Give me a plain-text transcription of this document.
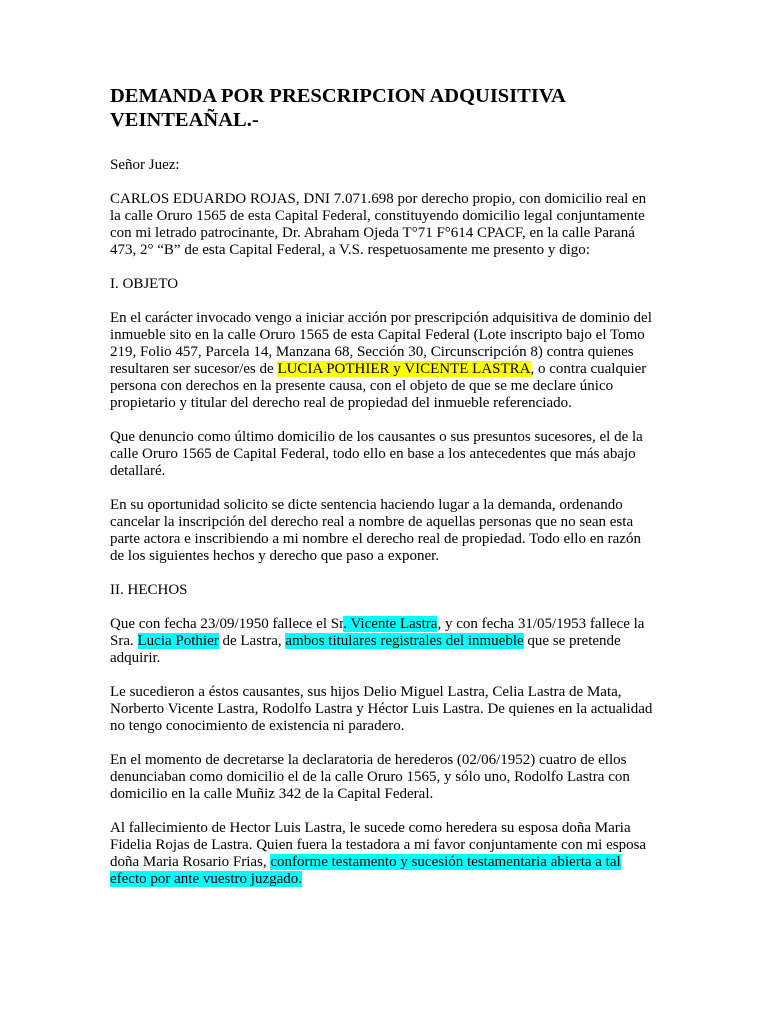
DEMANDA POR PRESCRIPCION ADQUISITIVA
VEINTEAÑAL.-

Señor Juez:

CARLOS EDUARDO ROJAS, DNI 7.071.698 por derecho propio, con domicilio real en la calle Oruro 1565 de esta Capital Federal, constituyendo domicilio legal conjuntamente con mi letrado patrocinante, Dr. Abraham Ojeda T°71 F°614 CPACF, en la calle Paraná 473, 2° “B” de esta Capital Federal, a V.S. respetuosamente me presento y digo:

I. OBJETO

En el carácter invocado vengo a iniciar acción por prescripción adquisitiva de dominio del inmueble sito en la calle Oruro 1565 de esta Capital Federal (Lote inscripto bajo el Tomo 219, Folio 457, Parcela 14, Manzana 68, Sección 30, Circunscripción 8) contra quienes resultaren ser sucesor/es de LUCIA POTHIER y VICENTE LASTRA, o contra cualquier persona con derechos en la presente causa, con el objeto de que se me declare único propietario y titular del derecho real de propiedad del inmueble referenciado.

Que denuncio como último domicilio de los causantes o sus presuntos sucesores, el de la calle Oruro 1565 de Capital Federal, todo ello en base a los antecedentes que más abajo detallaré.

En su oportunidad solicito se dicte sentencia haciendo lugar a la demanda, ordenando cancelar la inscripción del derecho real a nombre de aquellas personas que no sean esta parte actora e inscribiendo a mi nombre el derecho real de propiedad. Todo ello en razón de los siguientes hechos y derecho que paso a exponer.

II. HECHOS

Que con fecha 23/09/1950 fallece el Sr. Vicente Lastra, y con fecha 31/05/1953 fallece la Sra. Lucia Pothier de Lastra, ambos titulares registrales del inmueble que se pretende adquirir.

Le sucedieron a éstos causantes, sus hijos Delio Miguel Lastra, Celia Lastra de Mata, Norberto Vicente Lastra, Rodolfo Lastra y Héctor Luis Lastra. De quienes en la actualidad no tengo conocimiento de existencia ni paradero.

En el momento de decretarse la declaratoria de herederos (02/06/1952) cuatro de ellos denunciaban como domicilio el de la calle Oruro 1565, y sólo uno, Rodolfo Lastra con domicilio en la calle Muñiz 342 de la Capital Federal.

Al fallecimiento de Hector Luis Lastra, le sucede como heredera su esposa doña Maria Fidelia Rojas de Lastra. Quien fuera la testadora a mi favor conjuntamente con mi esposa doña Maria Rosario Frias, conforme testamento y sucesión testamentaria abierta a tal efecto por ante vuestro juzgado.
